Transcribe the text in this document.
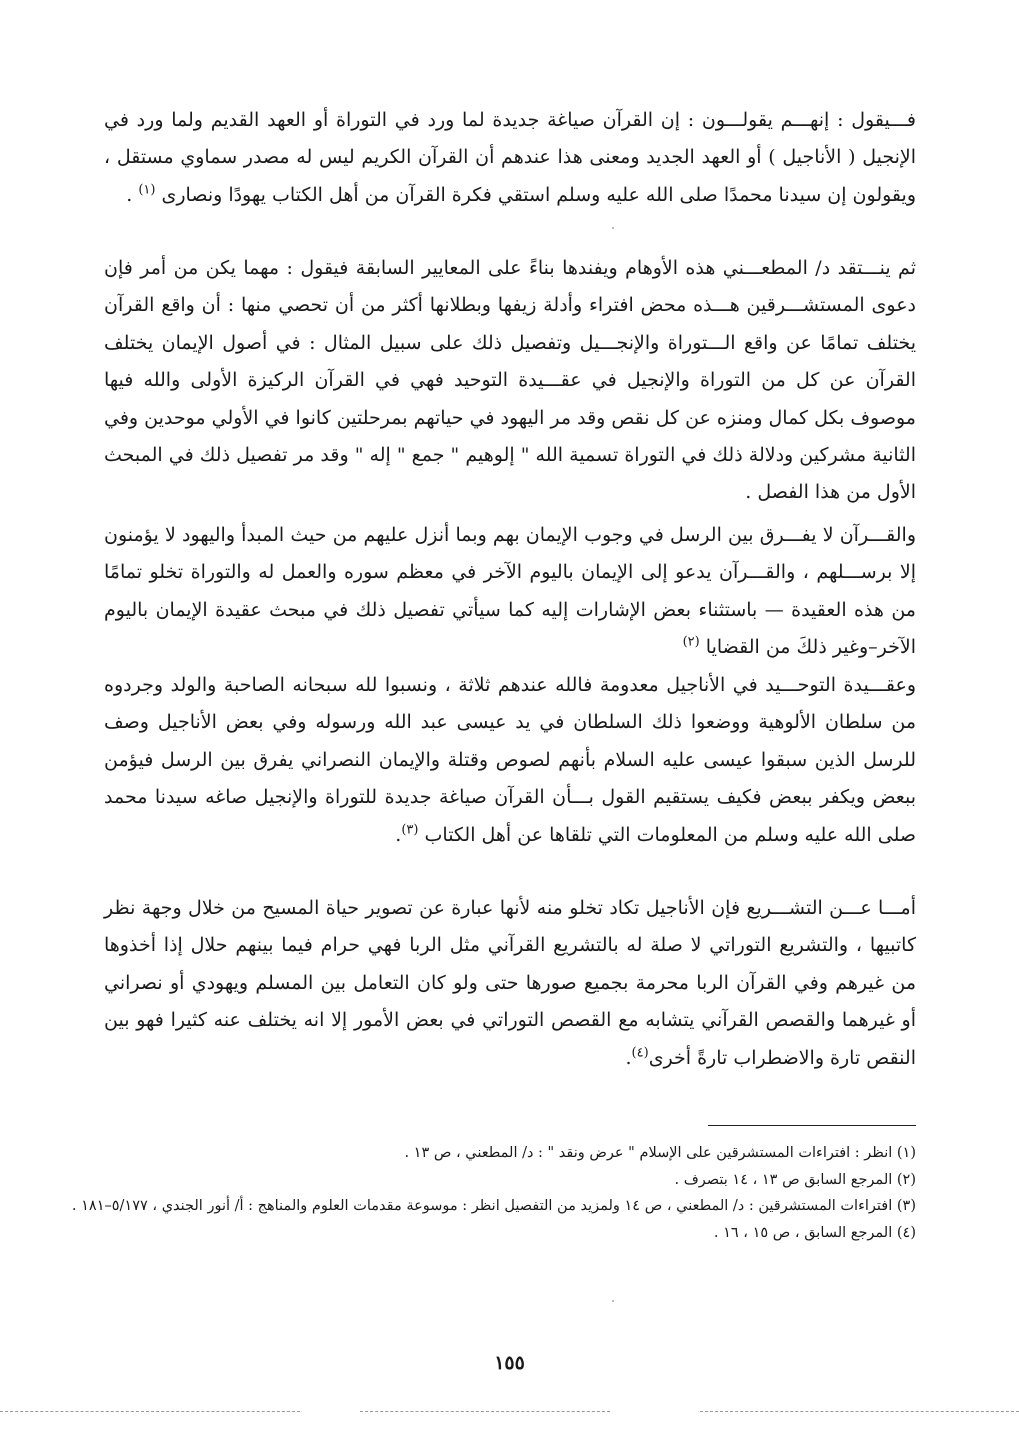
فـــيقول : إنهـــم يقولـــون : إن القرآن صياغة جديدة لما ورد في التوراة أو العهد القديم ولما ورد في الإنجيل ( الأناجيل ) أو العهد الجديد ومعنى هذا عندهم أن القرآن الكريم ليس له مصدر سماوي مستقل ، ويقولون إن سيدنا محمدًا صلى الله عليه وسلم استقي فكرة القرآن من أهل الكتاب يهودًا ونصارى $^{(١)}$ .
ثم ينـــتقد د/ المطعـــني هذه الأوهام ويفندها بناءً على المعايير السابقة فيقول : مهما يكن من أمر فإن دعوى المستشـــرقين هـــذه محض افتراء وأدلة زيفها وبطلانها أكثر من أن تحصي منها : أن واقع القرآن يختلف تمامًا عن واقع الـــتوراة والإنجـــيل وتفصيل ذلك على سبيل المثال : في أصول الإيمان يختلف القرآن عن كل من التوراة والإنجيل في عقـــيدة التوحيد فهي في القرآن الركيزة الأولى والله فيها موصوف بكل كمال ومنزه عن كل نقص وقد مر اليهود في حياتهم بمرحلتين كانوا في الأولي موحدين وفي الثانية مشركين ودلالة ذلك في التوراة تسمية الله " إلوهيم " جمع " إله " وقد مر تفصيل ذلك في المبحث الأول من هذا الفصل .
والقـــرآن لا يفـــرق بين الرسل في وجوب الإيمان بهم وبما أنزل عليهم من حيث المبدأ واليهود لا يؤمنون إلا برســـلهم ، والقـــرآن يدعو إلى الإيمان باليوم الآخر في معظم سوره والعمل له والتوراة تخلو تمامًا من هذه العقيدة — باستثناء بعض الإشارات إليه كما سيأتي تفصيل ذلك في مبحث عقيدة الإيمان باليوم الآخر–وغير ذلكَ من القضايا $^{(٢)}$
وعقـــيدة التوحـــيد في الأناجيل معدومة فالله عندهم ثلاثة ، ونسبوا لله سبحانه الصاحبة والولد وجردوه من سلطان الألوهية ووضعوا ذلك السلطان في يد عيسى عبد الله ورسوله وفي بعض الأناجيل وصف للرسل الذين سبقوا عيسى عليه السلام بأنهم لصوص وقتلة والإيمان النصراني يفرق بين الرسل فيؤمن ببعض ويكفر ببعض فكيف يستقيم القول بـــأن القرآن صياغة جديدة للتوراة والإنجيل صاغه سيدنا محمد صلى الله عليه وسلم من المعلومات التي تلقاها عن أهل الكتاب $^{(٣)}$.
أمـــا عـــن التشـــريع فإن الأناجيل تكاد تخلو منه لأنها عبارة عن تصوير حياة المسيح من خلال وجهة نظر كاتبيها ، والتشريع التوراتي لا صلة له بالتشريع القرآني مثل الربا فهي حرام فيما بينهم حلال إذا أخذوها من غيرهم وفي القرآن الربا محرمة بجميع صورها حتى ولو كان التعامل بين المسلم ويهودي أو نصراني أو غيرهما والقصص القرآني يتشابه مع القصص التوراتي في بعض الأمور إلا انه يختلف عنه كثيرا فهو بين النقص تارة والاضطراب تارةً أخرى$^{(٤)}$.
(١) انظر : افتراءات المستشرقين على الإسلام " عرض ونقد " : د/ المطعني ، ص ١٣ .
(٢) المرجع السابق ص ١٣ ، ١٤ بتصرف .
(٣) افتراءات المستشرقين : د/ المطعني ، ص ١٤ ولمزيد من التفصيل انظر : موسوعة مقدمات العلوم والمناهج : أ/ أنور الجندي ، ٥/١٧٧–١٨١ .
(٤) المرجع السابق ، ص ١٥ ، ١٦ .
١٥٥
